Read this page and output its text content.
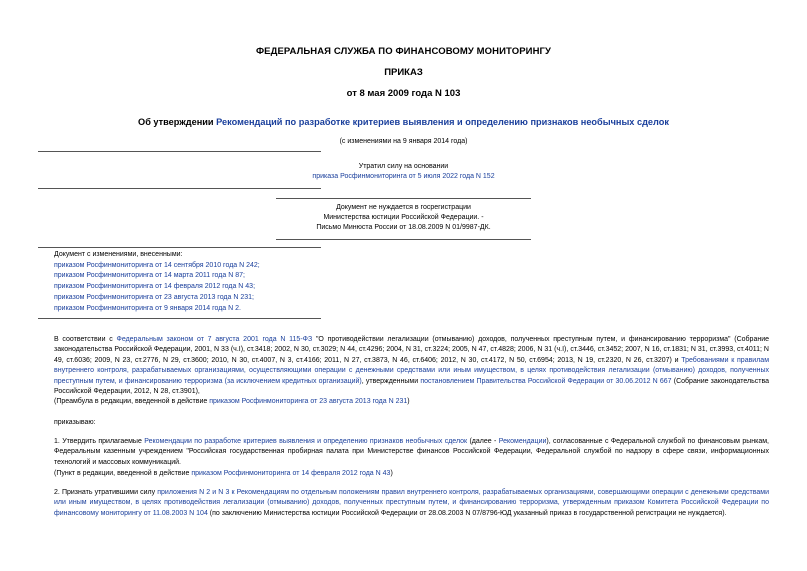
ФЕДЕРАЛЬНАЯ СЛУЖБА ПО ФИНАНСОВОМУ МОНИТОРИНГУ
ПРИКАЗ
от 8 мая 2009 года N 103
Об утверждении Рекомендаций по разработке критериев выявления и определению признаков необычных сделок
(с изменениями на 9 января 2014 года)
Утратил силу на основании
приказа Росфинмониторинга от 5 июля 2022 года N 152
Документ не нуждается в госрегистрации
Министерства юстиции Российской Федерации. -
Письмо Минюста России от 18.08.2009 N 01/9987-ДК.
Документ с изменениями, внесенными:
приказом Росфинмониторинга от 14 сентября 2010 года N 242;
приказом Росфинмониторинга от 14 марта 2011 года N 87;
приказом Росфинмониторинга от 14 февраля 2012 года N 43;
приказом Росфинмониторинга от 23 августа 2013 года N 231;
приказом Росфинмониторинга от 9 января 2014 года N 2.
В соответствии с Федеральным законом от 7 августа 2001 года N 115-ФЗ "О противодействии легализации (отмыванию) доходов, полученных преступным путем, и финансированию терроризма" (Собрание законодательства Российской Федерации, 2001, N 33 (ч.I), ст.3418; 2002, N 30, ст.3029; N 44, ст.4296; 2004, N 31, ст.3224; 2005, N 47, ст.4828; 2006, N 31 (ч.I), ст.3446, ст.3452; 2007, N 16, ст.1831; N 31, ст.3993, ст.4011; N 49, ст.6036; 2009, N 23, ст.2776, N 29, ст.3600; 2010, N 30, ст.4007, N 3, ст.4166; 2011, N 27, ст.3873, N 46, ст.6406; 2012, N 30, ст.4172, N 50, ст.6954; 2013, N 19, ст.2320, N 26, ст.3207) и Требованиями к правилам внутреннего контроля, разрабатываемых организациями, осуществляющими операции с денежными средствами или иным имуществом, в целях противодействия легализации (отмыванию) доходов, полученных преступным путем, и финансированию терроризма (за исключением кредитных организаций), утвержденными постановлением Правительства Российской Федерации от 30.06.2012 N 667 (Собрание законодательства Российской Федерации, 2012, N 28, ст.3901),
(Преамбула в редакции, введенной в действие приказом Росфинмониторинга от 23 августа 2013 года N 231)
приказываю:
1. Утвердить прилагаемые Рекомендации по разработке критериев выявления и определению признаков необычных сделок (далее - Рекомендации), согласованные с Федеральной службой по финансовым рынкам, Федеральным казенным учреждением "Российская государственная пробирная палата при Министерстве финансов Российской Федерации, Федеральной службой по надзору в сфере связи, информационных технологий и массовых коммуникаций.
(Пункт в редакции, введенной в действие приказом Росфинмониторинга от 14 февраля 2012 года N 43)
2. Признать утратившими силу приложения N 2 и N 3 к Рекомендациям по отдельным положениям правил внутреннего контроля, разрабатываемых организациями, совершающими операции с денежными средствами или иным имуществом, в целях противодействия легализации (отмыванию) доходов, полученных преступным путем, и финансированию терроризма, утвержденным приказом Комитета Российской Федерации по финансовому мониторингу от 11.08.2003 N 104 (по заключению Министерства юстиции Российской Федерации от 28.08.2003 N 07/8796-ЮД указанный приказ в государственной регистрации не нуждается).
